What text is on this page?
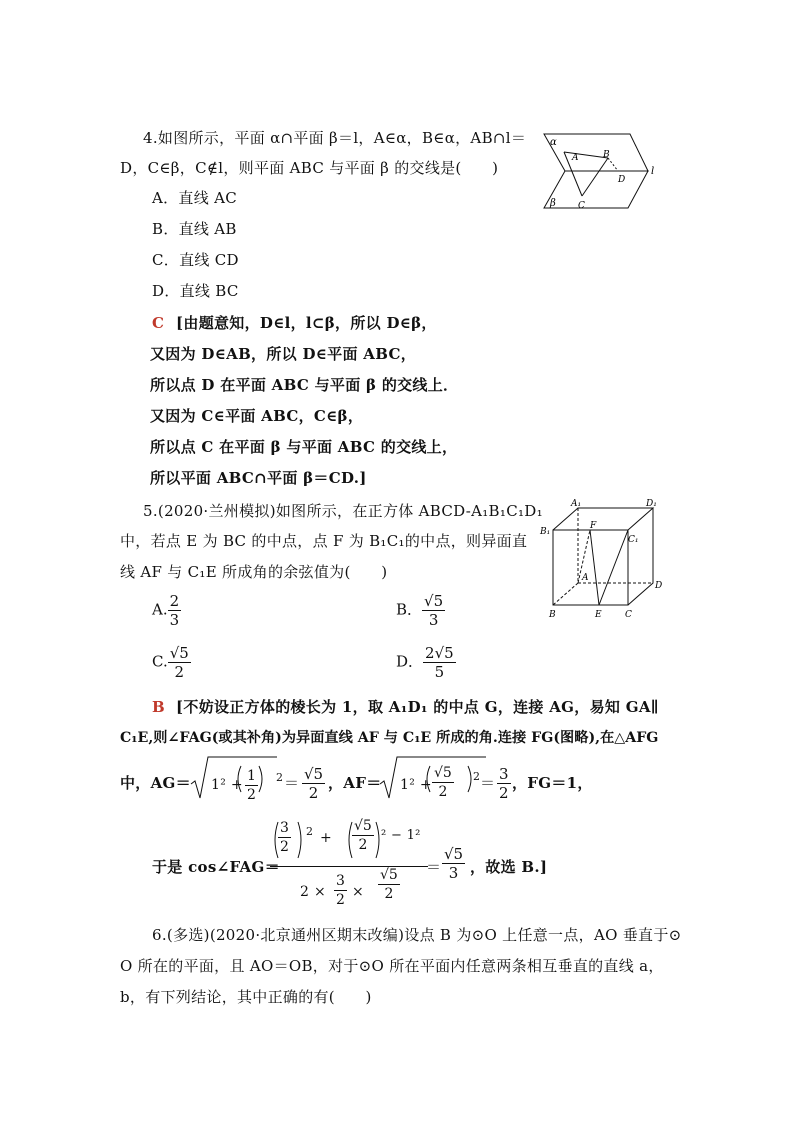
4.如图所示，平面 α∩平面 β＝l，A∈α，B∈α，AB∩l＝
D，C∈β，C∉l，则平面 ABC 与平面 β 的交线是(　　)
A．直线 AC
B．直线 AB
C．直线 CD
D．直线 BC
C [由题意知，D∈l，l⊂β，所以 D∈β，
又因为 D∈AB，所以 D∈平面 ABC，
所以点 D 在平面 ABC 与平面 β 的交线上．
又因为 C∈平面 ABC，C∈β，
所以点 C 在平面 β 与平面 ABC 的交线上，
所以平面 ABC∩平面 β＝CD.]
α
β
l
A	B
C
D
5.(2020·兰州模拟)如图所示，在正方体 ABCD-A₁B₁C₁D₁
中，若点 E 为 BC 的中点，点 F 为 B₁C₁的中点，则异面直
线 AF 与 C₁E 所成角的余弦值为(　　)
A. $\frac{2}{3}$	B． $\frac{√5}{3}$
C. $\frac{√5}{2}$	D． $\frac{2√5}{5}$
A₁	D₁
B₁
C₁
F
A
D
B	E	C
B [不妨设正方体的棱长为 1，取 A₁D₁ 的中点 G，连接 AG，易知 GA∥
C₁E,则∠FAG(或其补角)为异面直线 AF 与 C₁E 所成的角.连接 FG(图略),在△AFG
中，$AG= 1^2 + \frac{1}{2} 2 = \frac{√5}{2}$ ，$AF= 1^2 + \frac{√5}{2} 2 = \frac{3}{2}$ ，FG＝1，
于是 cos∠FAG＝
$\frac{3}{2} 2 + \frac{√5}{2} ^2 - 1^2$
$2 \times \frac{3}{2} \times \frac{√5}{2} = \frac{√5}{3}$ ，故选 B.]
6.(多选)(2020·北京通州区期末改编)设点 B 为⊙O 上任意一点，AO 垂直于⊙
O 所在的平面，且 AO＝OB，对于⊙O 所在平面内任意两条相互垂直的直线 a，
b，有下列结论，其中正确的有(　　)
